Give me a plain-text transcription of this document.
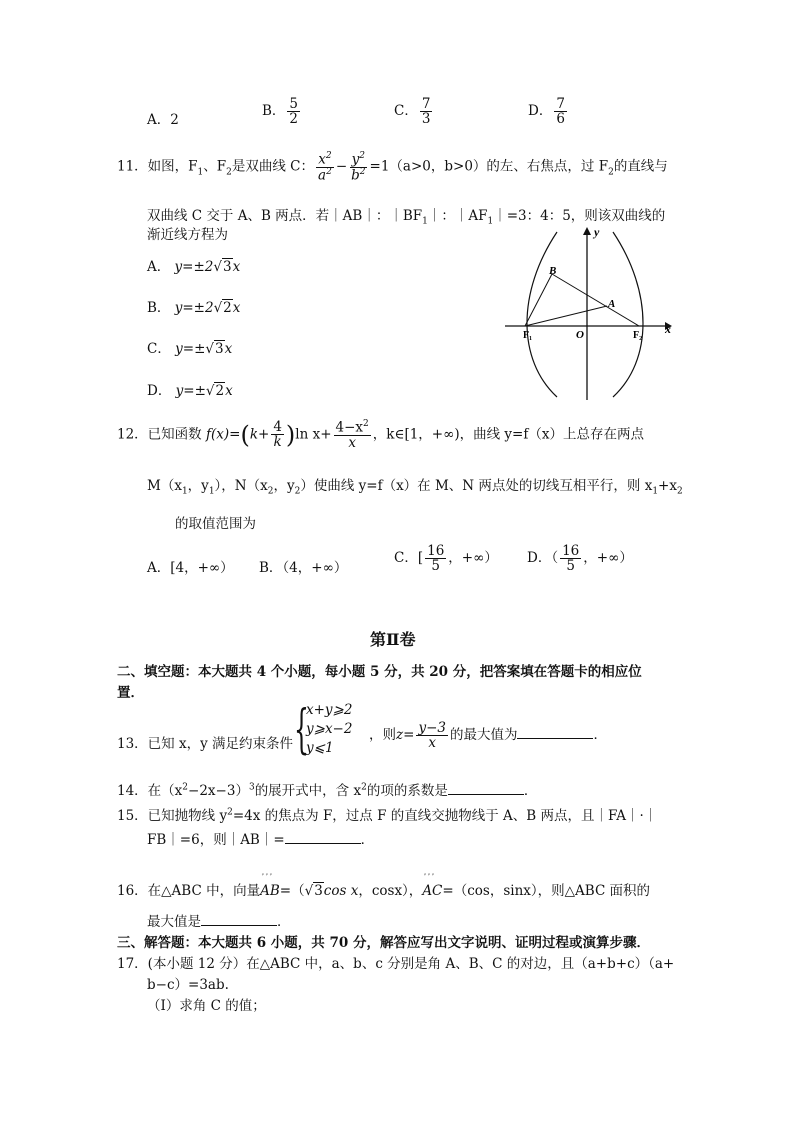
A．2
B． $\frac{5}{2}$	C． $\frac{7}{3}$	D． $\frac{7}{6}$
11．如图，$F_1$、$F_2$是双曲线 C： $\frac{x^2}{a^2} - \frac{y^2}{b^2} =1(a>0$，b>0）的左、右焦点，过 $F_2$的直线与
双曲线 C 交于 A、B 两点．若｜AB｜：$|BF_1|$：$|AF_1|=3$：4：5，则该双曲线的
渐近线方程为
A． y=±2√3x
B． y=±2√2x
C． y=±√3x
D． y=±√2x
y
x
B
A
F₁	O	F₂
12．已知函数 $f(x)=(k+ \frac{4}{k} )\ln$ $x+ \frac{4-x^2}{x}$ ，k∈[1，+∞)，曲线 y=f（x）上总存在两点
$M(x_1$，$y_1$），$N(x_2$，$y_2$）使曲线 y=f（x）在 M、N 两点处的切线互相平行，则 $x_1+x_2$
的取值范围为
A．[4，+∞） B．（4，+∞）
C．[ $\frac{16}{5}$ ，+∞） D．（ $\frac{16}{5}$ ，+∞）
第Ⅱ卷
二、填空题：本大题共 4 个小题，每小题 5 分，共 20 分，把答案填在答题卡的相应位
置．
13．已知 x，y 满足约束条件 {
x+y⩾2
y⩾x−2
y⩽1
，则$z= \frac{y-3}{x}$ 的最大值为	．
14．在$(x^2-2x-3)^3$的展开式中，含 $x^2$的项的系数是	．
15．已知抛物线 $y^2=4x$ 的焦点为 F，过点 F 的直线交抛物线于 A、B 两点，且｜FA｜·｜
FB｜=6，则｜AB｜=	．
16．在△ABC 中，向量ﾟﾟﾟ AB=（√3cos x，cosx），ﾟﾟﾟ AC=（cos，sinx），则△ABC 面积的
最大值是	．
三、解答题：本大题共 6 小题，共 70 分，解答应写出文字说明、证明过程或演算步骤．
17．(本小题 12 分）在△ABC 中，a、b、c 分别是角 A、B、C 的对边，且（a+b+c）（a+
b−c）=3ab.
（Ⅰ）求角 C 的值；
